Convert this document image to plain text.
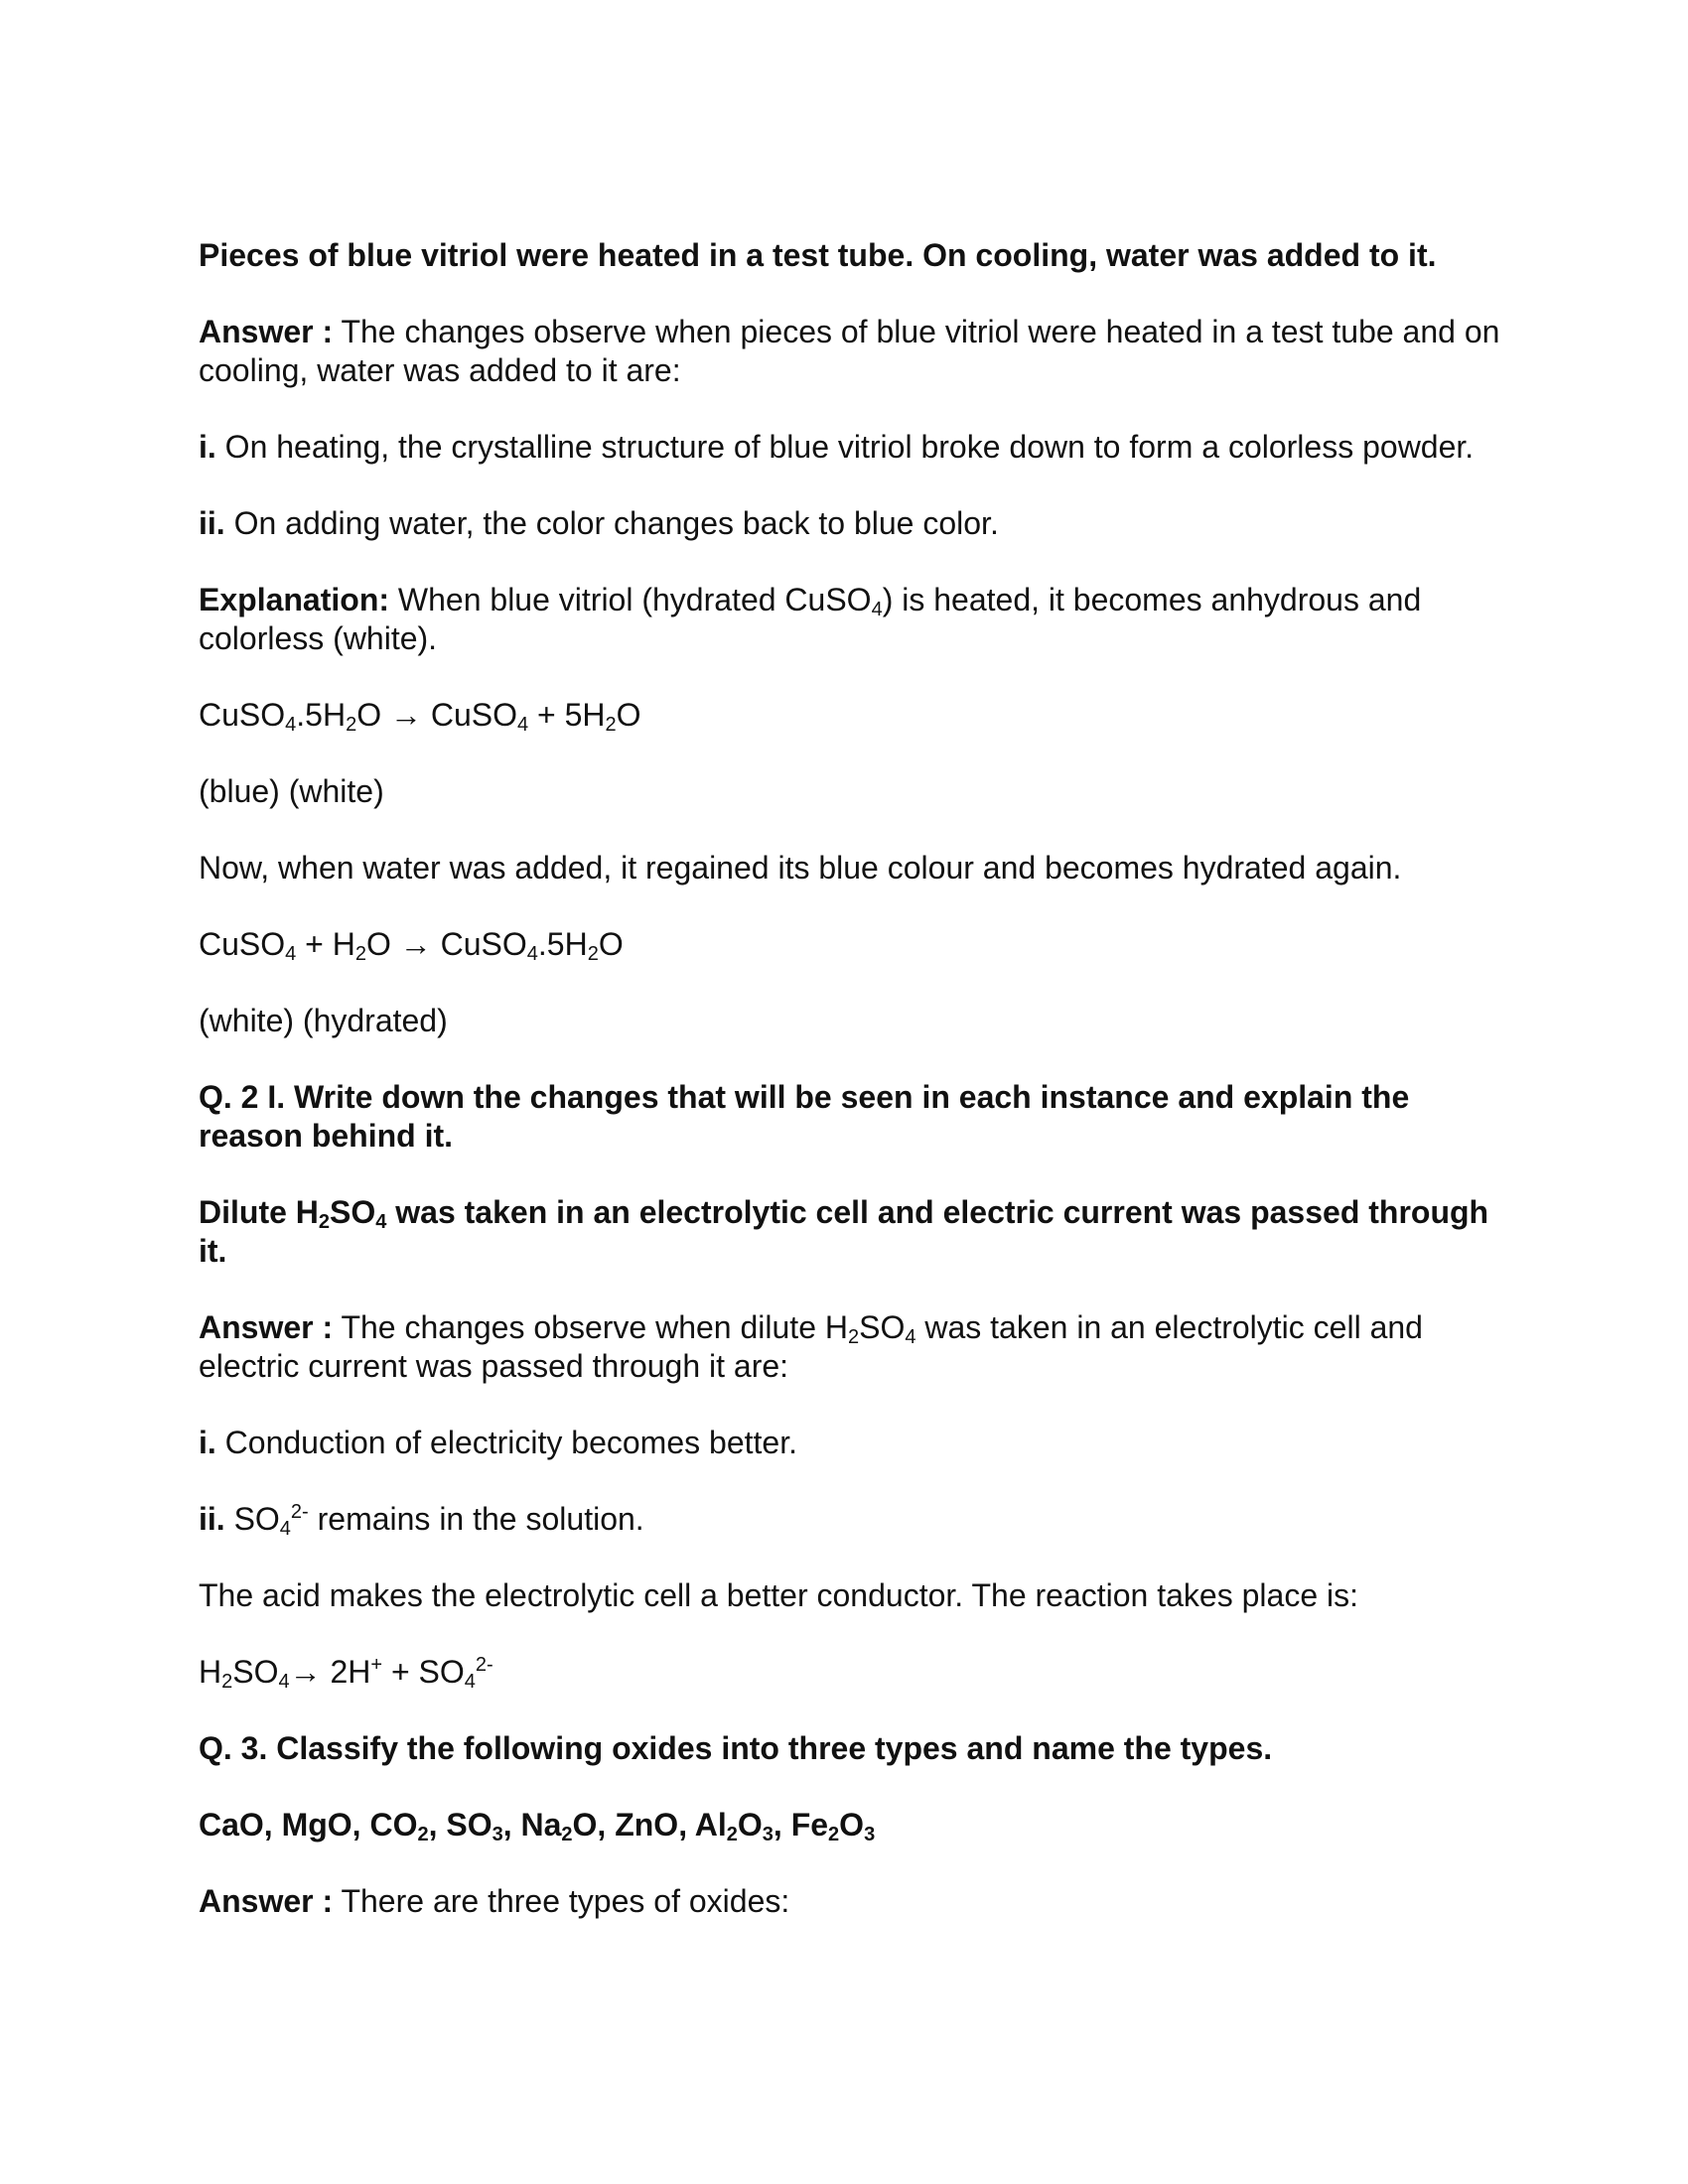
Pieces of blue vitriol were heated in a test tube. On cooling, water was added to it.

Answer : The changes observe when pieces of blue vitriol were heated in a test tube and on cooling, water was added to it are:

i. On heating, the crystalline structure of blue vitriol broke down to form a colorless powder.

ii. On adding water, the color changes back to blue color.

Explanation: When blue vitriol (hydrated CuSO$_4$) is heated, it becomes anhydrous and colorless (white).

$CuSO_4.5H_2O$ → CuSO$_4$ + $5H_2O$

(blue) (white)

Now, when water was added, it regained its blue colour and becomes hydrated again.

CuSO$_4$ + $H_2O$ → $CuSO_4.5H_2O$

(white) (hydrated)

Q. 2 I. Write down the changes that will be seen in each instance and explain the reason behind it.

Dilute $H_2SO_4$ was taken in an electrolytic cell and electric current was passed through it.

Answer : The changes observe when dilute $H_2SO_4$ was taken in an electrolytic cell and electric current was passed through it are:

i. Conduction of electricity becomes better.

ii. $SO_4^{2-}$ remains in the solution.

The acid makes the electrolytic cell a better conductor. The reaction takes place is:

$H_2SO_4\to 2H^+ + SO_4^{2-}$

Q. 3. Classify the following oxides into three types and name the types.

CaO, MgO, $CO_2$, $SO_3$, $Na_2O$, ZnO, $Al_2O_3$, $Fe_2O_3$

Answer : There are three types of oxides:
